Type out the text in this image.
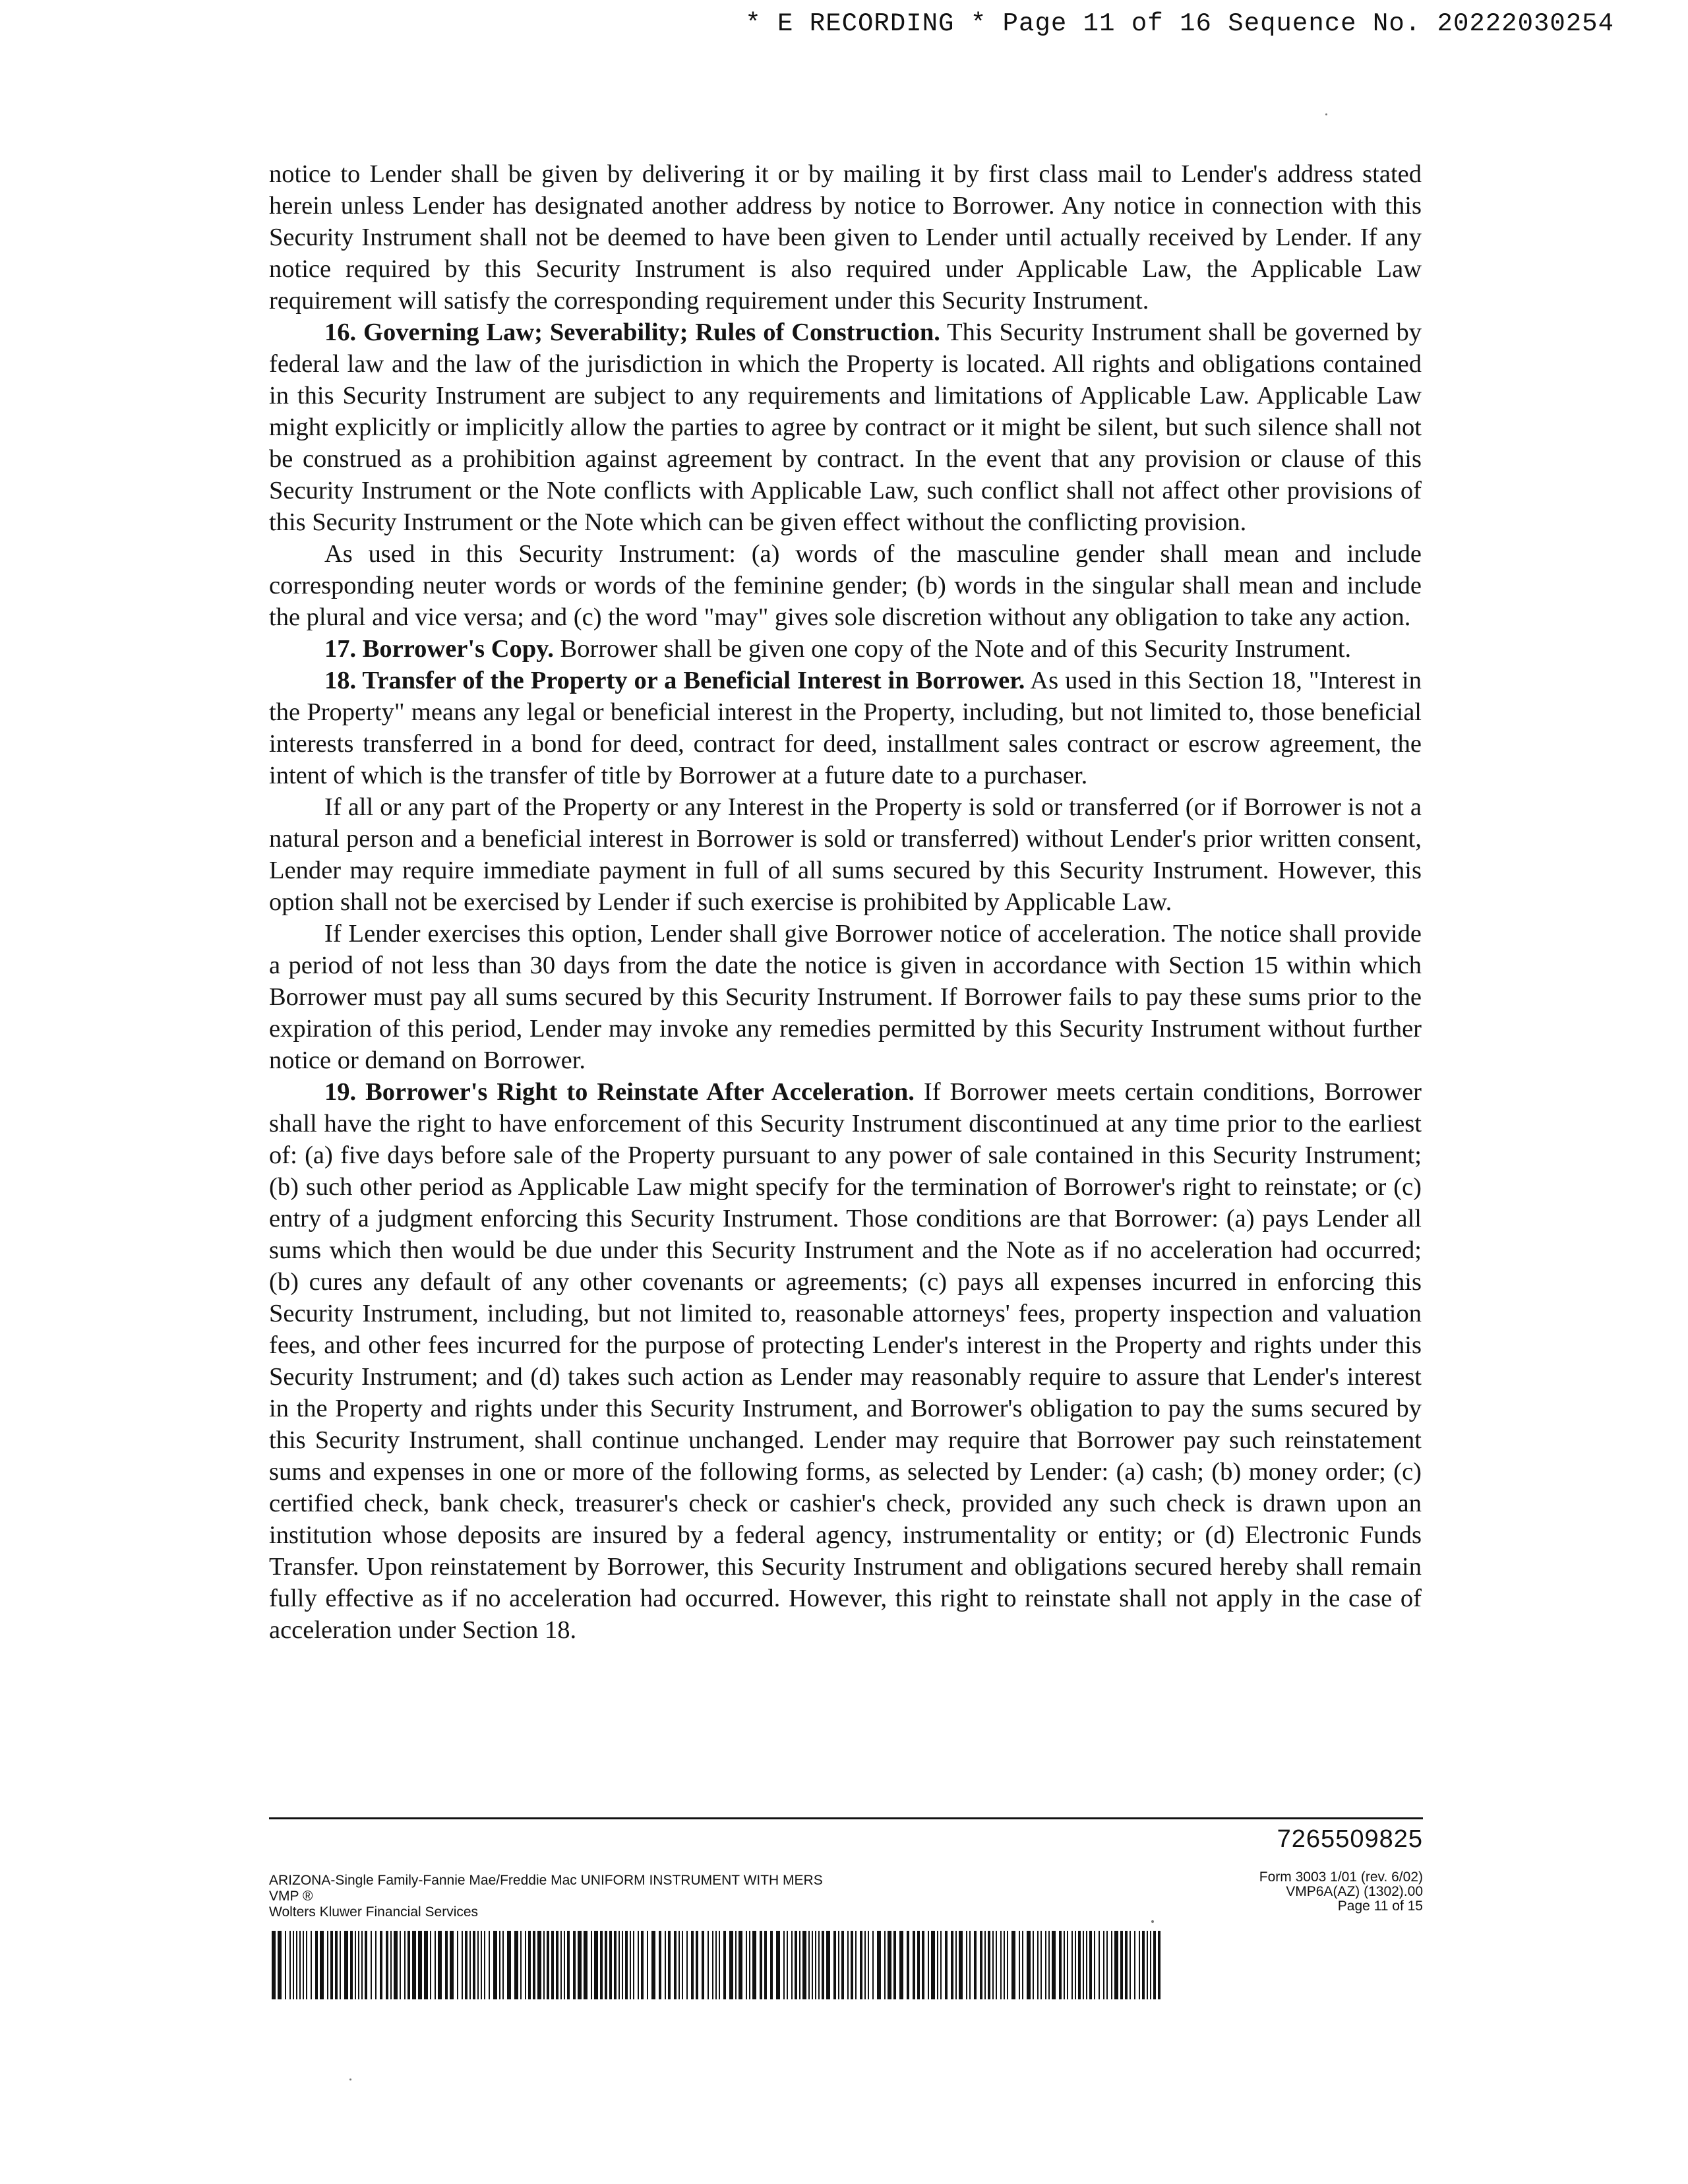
* E RECORDING * Page 11 of 16 Sequence No. 20222030254

notice to Lender shall be given by delivering it or by mailing it by first class mail to Lender's address stated herein unless Lender has designated another address by notice to Borrower. Any notice in connection with this Security Instrument shall not be deemed to have been given to Lender until actually received by Lender. If any notice required by this Security Instrument is also required under Applicable Law, the Applicable Law requirement will satisfy the corresponding requirement under this Security Instrument.

16. Governing Law; Severability; Rules of Construction. This Security Instrument shall be governed by federal law and the law of the jurisdiction in which the Property is located. All rights and obligations contained in this Security Instrument are subject to any requirements and limitations of Applicable Law. Applicable Law might explicitly or implicitly allow the parties to agree by contract or it might be silent, but such silence shall not be construed as a prohibition against agreement by contract. In the event that any provision or clause of this Security Instrument or the Note conflicts with Applicable Law, such conflict shall not affect other provisions of this Security Instrument or the Note which can be given effect without the conflicting provision.

As used in this Security Instrument: (a) words of the masculine gender shall mean and include corresponding neuter words or words of the feminine gender; (b) words in the singular shall mean and include the plural and vice versa; and (c) the word "may" gives sole discretion without any obligation to take any action.

17. Borrower's Copy. Borrower shall be given one copy of the Note and of this Security Instrument.

18. Transfer of the Property or a Beneficial Interest in Borrower. As used in this Section 18, "Interest in the Property" means any legal or beneficial interest in the Property, including, but not limited to, those beneficial interests transferred in a bond for deed, contract for deed, installment sales contract or escrow agreement, the intent of which is the transfer of title by Borrower at a future date to a purchaser.

If all or any part of the Property or any Interest in the Property is sold or transferred (or if Borrower is not a natural person and a beneficial interest in Borrower is sold or transferred) without Lender's prior written consent, Lender may require immediate payment in full of all sums secured by this Security Instrument. However, this option shall not be exercised by Lender if such exercise is prohibited by Applicable Law.

If Lender exercises this option, Lender shall give Borrower notice of acceleration. The notice shall provide a period of not less than 30 days from the date the notice is given in accordance with Section 15 within which Borrower must pay all sums secured by this Security Instrument. If Borrower fails to pay these sums prior to the expiration of this period, Lender may invoke any remedies permitted by this Security Instrument without further notice or demand on Borrower.

19. Borrower's Right to Reinstate After Acceleration. If Borrower meets certain conditions, Borrower shall have the right to have enforcement of this Security Instrument discontinued at any time prior to the earliest of: (a) five days before sale of the Property pursuant to any power of sale contained in this Security Instrument; (b) such other period as Applicable Law might specify for the termination of Borrower's right to reinstate; or (c) entry of a judgment enforcing this Security Instrument. Those conditions are that Borrower: (a) pays Lender all sums which then would be due under this Security Instrument and the Note as if no acceleration had occurred; (b) cures any default of any other covenants or agreements; (c) pays all expenses incurred in enforcing this Security Instrument, including, but not limited to, reasonable attorneys' fees, property inspection and valuation fees, and other fees incurred for the purpose of protecting Lender's interest in the Property and rights under this Security Instrument; and (d) takes such action as Lender may reasonably require to assure that Lender's interest in the Property and rights under this Security Instrument, and Borrower's obligation to pay the sums secured by this Security Instrument, shall continue unchanged. Lender may require that Borrower pay such reinstatement sums and expenses in one or more of the following forms, as selected by Lender: (a) cash; (b) money order; (c) certified check, bank check, treasurer's check or cashier's check, provided any such check is drawn upon an institution whose deposits are insured by a federal agency, instrumentality or entity; or (d) Electronic Funds Transfer. Upon reinstatement by Borrower, this Security Instrument and obligations secured hereby shall remain fully effective as if no acceleration had occurred. However, this right to reinstate shall not apply in the case of acceleration under Section 18.

7265509825
ARIZONA-Single Family-Fannie Mae/Freddie Mac UNIFORM INSTRUMENT WITH MERS
VMP ®
Wolters Kluwer Financial Services
Form 3003 1/01 (rev. 6/02)
VMP6A(AZ) (1302).00
Page 11 of 15
